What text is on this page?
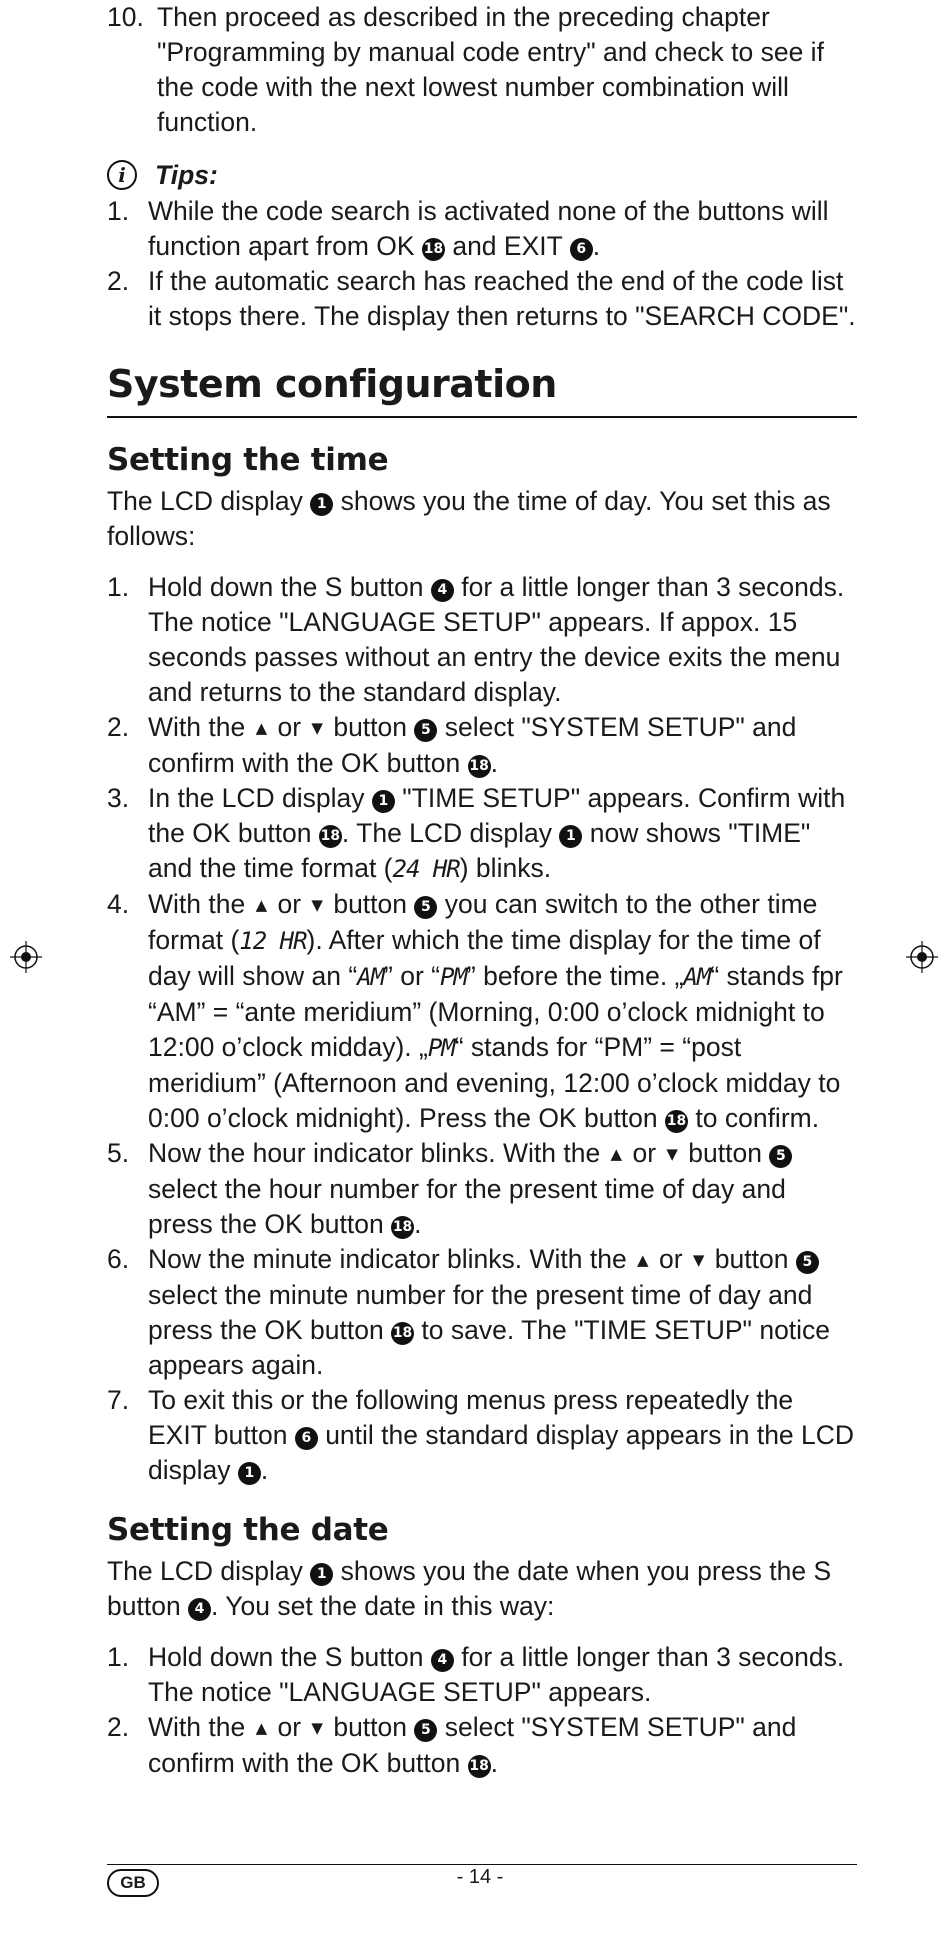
10. Then proceed as described in the preceding chapter "Programming by manual code entry" and check to see if the code with the next lowest number combination will function.
i	Tips:
1. While the code search is activated none of the buttons will function apart from OK 18 and EXIT 6 .
2. If the automatic search has reached the end of the code list it stops there. The display then returns to "SEARCH CODE".
System configuration
Setting the time

The LCD display 1 shows you the time of day. You set this as follows:

1. Hold down the S button 4 for a little longer than 3 seconds. The notice "LANGUAGE SETUP" appears. If appox. 15 seconds passes without an entry the device exits the menu and returns to the standard display.
2. With the ▲ or ▼ button 5 select "SYSTEM SETUP" and confirm with the OK button 18.
3. In the LCD display 1 "TIME SETUP" appears. Confirm with the OK button 18. The LCD display 1 now shows "TIME" and the time format (24 HR) blinks.
4. With the ▲ or ▼ button 5 you can switch to the other time format (12 HR). After which the time display for the time of day will show an “AM” or “PM” before the time. „AM“ stands fpr “AM” = “ante meridium” (Morning, 0:00 o’clock midnight to 12:00 o’clock midday). „PM“ stands for “PM” = “post meridium” (Afternoon and evening, 12:00 o’clock midday to 0:00 o’clock midnight). Press the OK button 18 to confirm.
5. Now the hour indicator blinks. With the ▲ or ▼ button 5 select the hour number for the present time of day and press the OK button 18.
6. Now the minute indicator blinks. With the ▲ or ▼ button 5 select the minute number for the present time of day and press the OK button 18 to save. The "TIME SETUP" notice appears again.
7. To exit this or the following menus press repeatedly the EXIT button 6 until the standard display appears in the LCD display 1 .
Setting the date

The LCD display 1 shows you the date when you press the S button 4 . You set the date in this way:

1. Hold down the S button 4 for a little longer than 3 seconds. The notice "LANGUAGE SETUP" appears.
2. With the ▲ or ▼ button 5 select "SYSTEM SETUP" and confirm with the OK button 18.
GB	- 14 -
